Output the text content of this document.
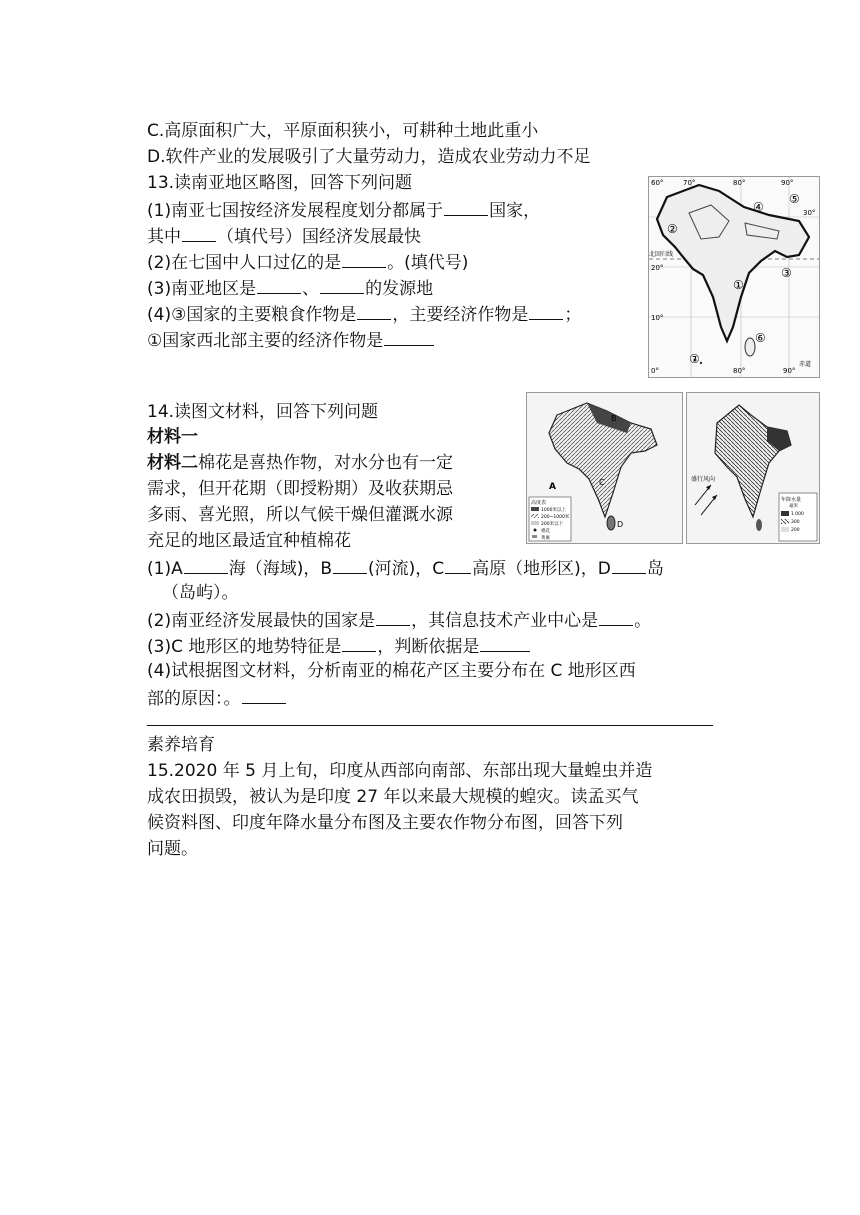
C.高原面积广大，平原面积狭小，可耕种土地此重小
D.软件产业的发展吸引了大量劳动力，造成农业劳动力不足
13.读南亚地区略图，回答下列问题
(1)南亚七国按经济发展程度划分都属于	国家，
其中 （填代号）国经济发展最快
(2)在七国中人口过亿的是	。(填代号)
(3)南亚地区是	、	的发源地
(4)③国家的主要粮食作物是 ，主要经济作物是 ；
①国家西北部主要的经济作物是
60°	70°	80°	90°
30°
20°
10°
0°	80°	90°
北回归线
赤道
①
②
③
④
⑤
⑥
⑦
14.读图文材料，回答下列问题
材料一
材料二棉花是喜热作物，对水分也有一定
需求，但开花期（即授粉期）及收获期忌
多雨、喜光照，所以气候干燥但灌溉水源
充足的地区最适宜种植棉花
A
B
C
D
高度表
1000米以上
200~1000米
200米以下
棉花
黄麻
盛行风向
年降水量
毫米
1 000
300
200
(1)A	海（海域)，B (河流)，C 高原（地形区)，D 岛
（岛屿）。
(2)南亚经济发展最快的国家是 ，其信息技术产业中心是 。
(3)C 地形区的地势特征是 ，判断依据是
(4)试根据图文材料，分析南亚的棉花产区主要分布在 C 地形区西
部的原因：。
素养培育
15.2020 年 5 月上旬，印度从西部向南部、东部出现大量蝗虫并造
成农田损毁，被认为是印度 27 年以来最大规模的蝗灾。读孟买气
候资料图、印度年降水量分布图及主要农作物分布图，回答下列
问题。
